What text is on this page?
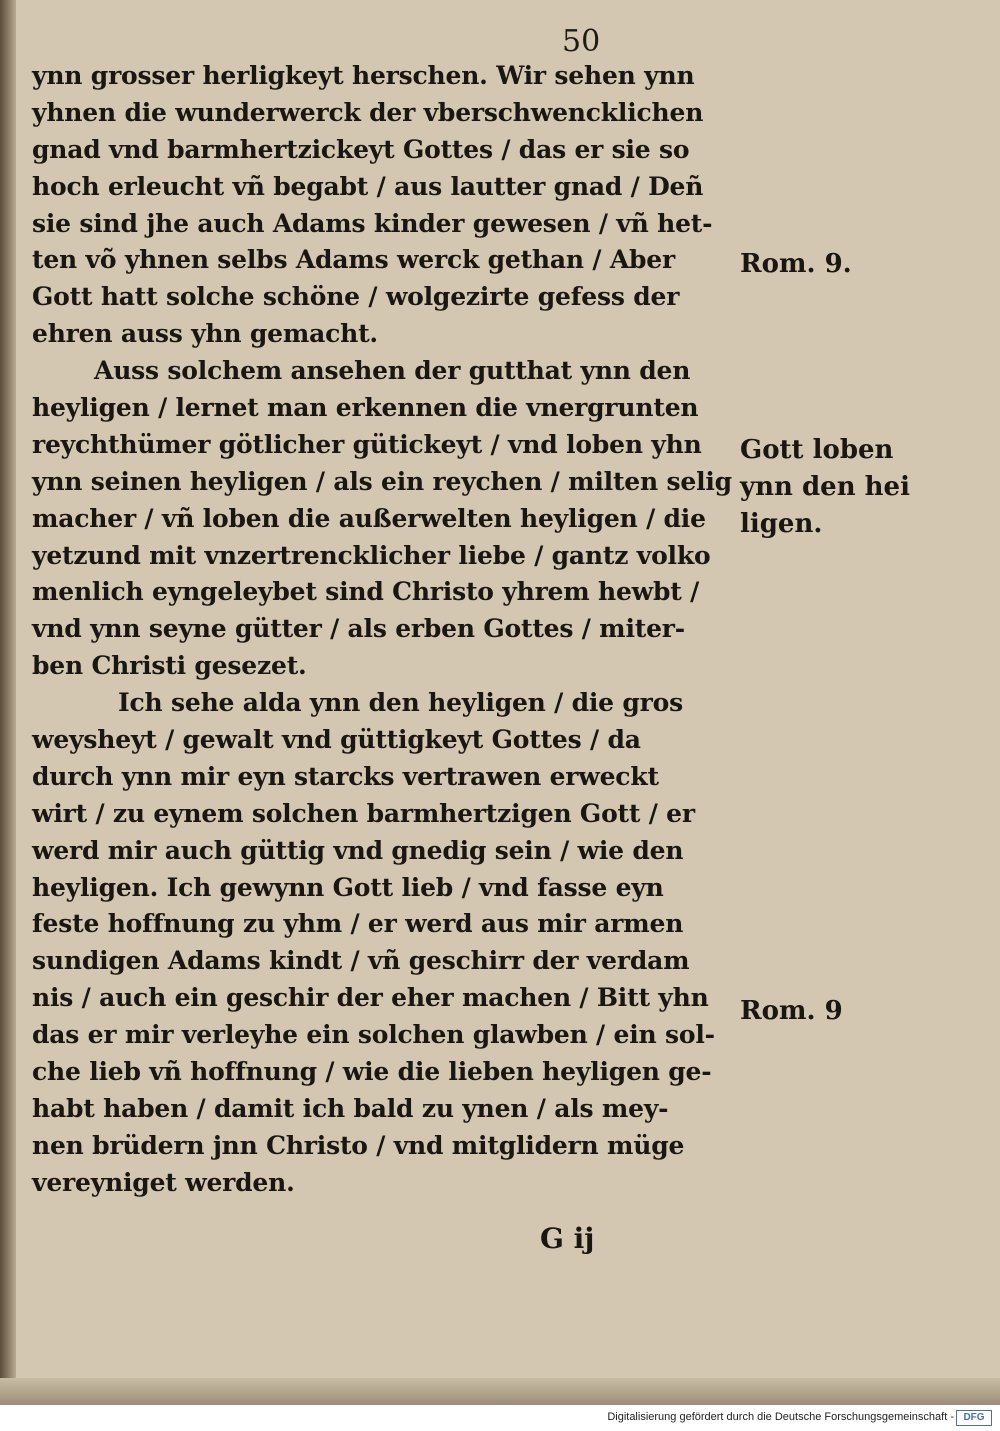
50
ynn grosser herligkeyt herschen. Wir sehen ynn
yhnen die wunderwerck der vberschwencklichen
gnad vnd barmhertzickeyt Gottes / das er sie so
hoch erleucht vñ begabt / aus lautter gnad / Deñ
sie sind jhe auch Adams kinder gewesen / vñ het-
ten võ yhnen selbs Adams werck gethan / Aber
Gott hatt solche schöne / wolgezirte gefess der
ehren auss yhn gemacht.
Auss solchem ansehen der gutthat ynn den
heyligen / lernet man erkennen die vnergrunten
reychthümer götlicher gütickeyt / vnd loben yhn
ynn seinen heyligen / als ein reychen / milten selig
macher / vñ loben die außerwelten heyligen / die
yetzund mit vnzertrencklicher liebe / gantz volko
menlich eyngeleybet sind Christo yhrem hewbt /
vnd ynn seyne gütter / als erben Gottes / miter-
ben Christi gesezet.
Ich sehe alda ynn den heyligen / die gros
weysheyt / gewalt vnd güttigkeyt Gottes / da
durch ynn mir eyn starcks vertrawen erweckt
wirt / zu eynem solchen barmhertzigen Gott / er
werd mir auch güttig vnd gnedig sein / wie den
heyligen. Ich gewynn Gott lieb / vnd fasse eyn
feste hoffnung zu yhm / er werd aus mir armen
sundigen Adams kindt / vñ geschirr der verdam
nis / auch ein geschir der eher machen / Bitt yhn
das er mir verleyhe ein solchen glawben / ein sol-
che lieb vñ hoffnung / wie die lieben heyligen ge-
habt haben / damit ich bald zu ynen / als mey-
nen brüdern jnn Christo / vnd mitglidern müge
vereyniget werden.
Rom. 9.
Gott loben
ynn den hei
ligen.
Rom. 9
G ij
Digitalisierung gefördert durch die Deutsche Forschungsgemeinschaft - DFG
